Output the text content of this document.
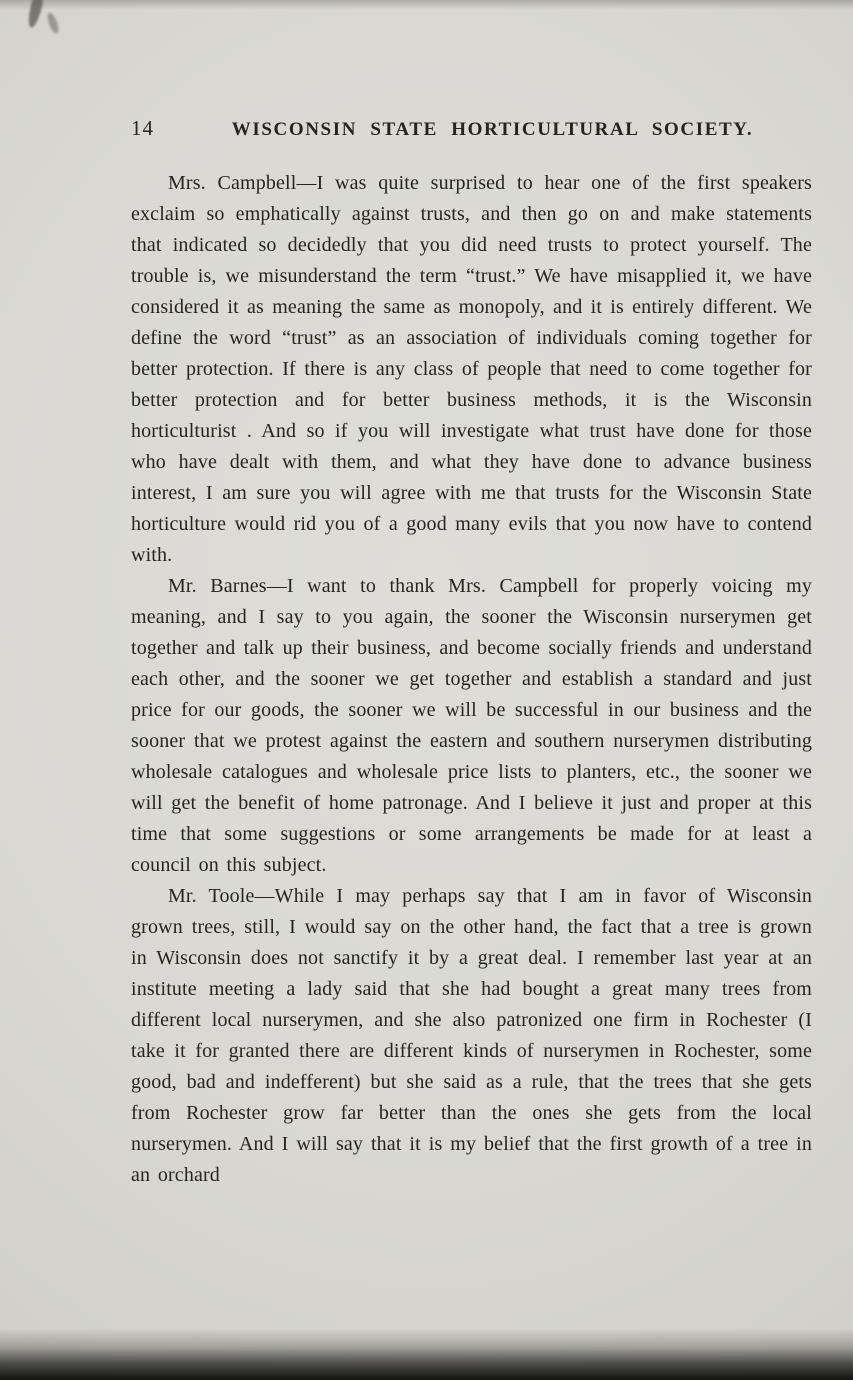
14	WISCONSIN STATE HORTICULTURAL SOCIETY.

Mrs. Campbell—I was quite surprised to hear one of the first speakers exclaim so emphatically against trusts, and then go on and make statements that indicated so decidedly that you did need trusts to protect yourself. The trouble is, we misunderstand the term “trust.” We have misapplied it, we have considered it as meaning the same as monopoly, and it is entirely different. We define the word “trust” as an association of individuals coming together for better protection. If there is any class of people that need to come together for better protection and for better business methods, it is the Wisconsin horticulturist . And so if you will investigate what trust have done for those who have dealt with them, and what they have done to advance business interest, I am sure you will agree with me that trusts for the Wisconsin State horticulture would rid you of a good many evils that you now have to contend with.

Mr. Barnes—I want to thank Mrs. Campbell for properly voicing my meaning, and I say to you again, the sooner the Wisconsin nurserymen get together and talk up their business, and become socially friends and understand each other, and the sooner we get together and establish a standard and just price for our goods, the sooner we will be successful in our business and the sooner that we protest against the eastern and southern nurserymen distributing wholesale catalogues and wholesale price lists to planters, etc., the sooner we will get the benefit of home patronage. And I believe it just and proper at this time that some suggestions or some arrangements be made for at least a council on this subject.

Mr. Toole—While I may perhaps say that I am in favor of Wisconsin grown trees, still, I would say on the other hand, the fact that a tree is grown in Wisconsin does not sanctify it by a great deal. I remember last year at an institute meeting a lady said that she had bought a great many trees from different local nurserymen, and she also patronized one firm in Rochester (I take it for granted there are different kinds of nurserymen in Rochester, some good, bad and indefferent) but she said as a rule, that the trees that she gets from Rochester grow far better than the ones she gets from the local nurserymen. And I will say that it is my belief that the first growth of a tree in an orchard
